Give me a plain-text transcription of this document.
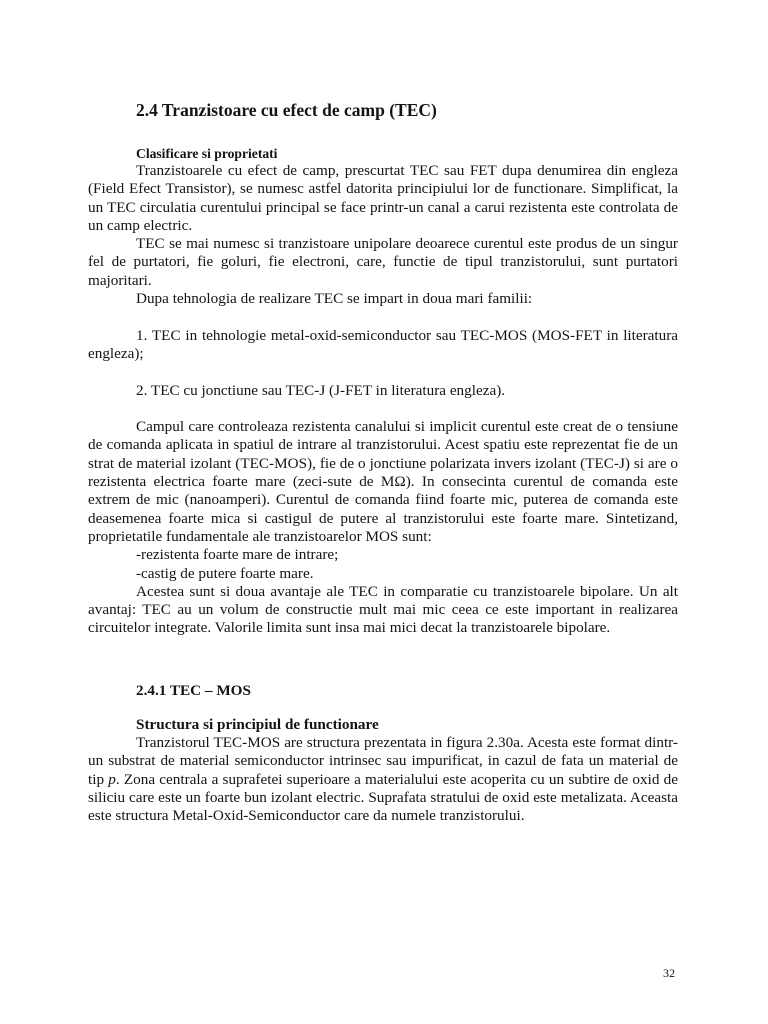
2.4 Tranzistoare cu efect de camp (TEC)
Clasificare si proprietati

Tranzistoarele cu efect de camp, prescurtat TEC sau FET dupa denumirea din engleza (Field Efect Transistor), se numesc astfel datorita principiului lor de functionare. Simplificat, la un TEC circulatia curentului principal se face printr-un canal a carui rezistenta este controlata de un camp electric.

TEC se mai numesc si tranzistoare unipolare deoarece curentul este produs de un singur fel de purtatori, fie goluri, fie electroni, care, functie de tipul tranzistorului, sunt purtatori majoritari.

Dupa tehnologia de realizare TEC se impart in doua mari familii:

1. TEC in tehnologie metal-oxid-semiconductor sau TEC-MOS (MOS-FET in literatura engleza);

2. TEC cu jonctiune sau TEC-J (J-FET in literatura engleza).

Campul care controleaza rezistenta canalului si implicit curentul este creat de o tensiune de comanda aplicata in spatiul de intrare al tranzistorului. Acest spatiu este reprezentat fie de un strat de material izolant (TEC-MOS), fie de o jonctiune polarizata invers izolant (TEC-J) si are o rezistenta electrica foarte mare (zeci-sute de MΩ). In consecinta curentul de comanda este extrem de mic (nanoamperi). Curentul de comanda fiind foarte mic, puterea de comanda este deasemenea foarte mica si castigul de putere al tranzistorului este foarte mare. Sintetizand, proprietatile fundamentale ale tranzistoarelor MOS sunt:

-rezistenta foarte mare de intrare;
-castig de putere foarte mare.

Acestea sunt si doua avantaje ale TEC in comparatie cu tranzistoarele bipolare. Un alt avantaj: TEC au un volum de constructie mult mai mic ceea ce este important in realizarea circuitelor integrate. Valorile limita sunt insa mai mici decat la tranzistoarele bipolare.

2.4.1 TEC – MOS
Structura si principiul de functionare

Tranzistorul TEC-MOS are structura prezentata in figura 2.30a. Acesta este format dintr-un substrat de material semiconductor intrinsec sau impurificat, in cazul de fata un material de tip p. Zona centrala a suprafetei superioare a materialului este acoperita cu un subtire de oxid de siliciu care este un foarte bun izolant electric. Suprafata stratului de oxid este metalizata. Aceasta este structura Metal-Oxid-Semiconductor care da numele tranzistorului.

32
